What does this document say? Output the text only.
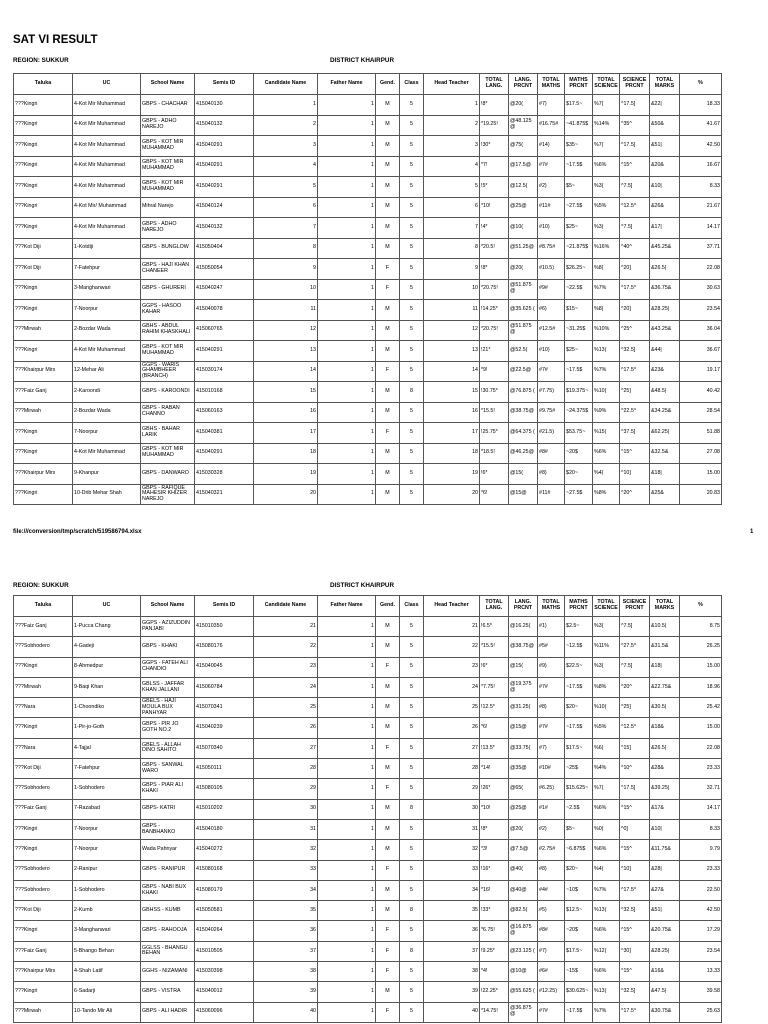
SAT VI RESULT
REGION: SUKKUR	DISTRICT KHAIRPUR
Taluka	UC	School Name	Semis ID	Candidate Name	Father Name	Gend.	Class	Head Teacher	TOTAL LANG.	LANG. PRCNT	TOTAL MATHS	MATHS PRCNT	TOTAL SCIENCE	SCIENCE PRCNT	TOTAL MARKS	%
???Kingri	4-Kot Mir Muhammad	GBPS - CHACHAR	415040130	1	1	M	5	1	!8*	@20(	#7)	$17.5~	%7(	^17.5]	&22|	18.33
???Kingri	4-Kot Mir Muhammad	GBPS - ADHO NAREJO	415040132	2	1	M	5	2	*19.25!	@48.125 @	#16.75#	~41.875$	%14%	^35^	&50&	41.67
???Kingri	4-Kot Mir Muhammad	GBPS - KOT MIR MUHAMMAD	415040291	3	1	M	5	3	!30*	@75(	#14)	$35~	%7(	^17.5]	&51|	42.50
???Kingri	4-Kot Mir Muhammad	GBPS - KOT MIR MUHAMMAD	415040291	4	1	M	5	4	*7!	@17.5@	#7#	~17.5$	%6%	^15^	&20&	16.67
???Kingri	4-Kot Mir Muhammad	GBPS - KOT MIR MUHAMMAD	415040291	5	1	M	5	5	!5*	@12.5(	#2)	$5~	%3(	^7.5]	&10|	8.33
???Kingri	4-Kot Mir/ Muhammad	Mihral Narejo	415040124	6	1	M	5	6	*10!	@25@	#11#	~27.5$	%5%	^12.5^	&26&	21.67
???Kingri	4-Kot Mir Muhammad	GBPS - ADHO NAREJO	415040132	7	1	M	5	7	!4*	@10(	#10)	$25~	%3(	^7.5]	&17|	14.17
???Kot Diji	1-Kotdiji	GBPS - BUNGLOW	415050404	8	1	M	5	8	*20.5!	@51.25@	#8.75#	~21.875$	%16%	^40^	&45.25&	37.71
???Kot Diji	7-Fatehpur	GBPS - HAJI KHAN CHANEER	415050054	9	1	F	5	9	!8*	@20(	#10.5)	$26.25~	%8(	^20]	&26.5|	22.08
???Kingri	3-Manghanwari	GBPS - GHURERI	415040247	10	1	F	5	10	*20.75!	@51.875 @	#9#	~22.5$	%7%	^17.5^	&36.75&	30.63
???Kingri	7-Noorpur	GGPS - HASOO KAHAR	415040078	11	1	M	5	11	!14.25*	@35.625 (	#6)	$15~	%8(	^20]	&28.25|	23.54
???Mirwah	2-Bozdar Wada	GBHS - ABDUL RAHIM KHASKHALI	415060765	12	1	M	5	12	*20.75!	@51.875 @	#12.5#	~31.25$	%10%	^25^	&43.25&	36.04
???Kingri	4-Kot Mir Muhammad	GBPS - KOT MIR MUHAMMAD	415040291	13	1	M	5	13	!21*	@52.5(	#10)	$25~	%13(	^32.5]	&44|	36.67
???Khairpur Mirs	12-Mehar Ali	GGPS - WARIS GHAMBHEER (BRANCH)	415030174	14	1	F	5	14	*9!	@22.5@	#7#	~17.5$	%7%	^17.5^	&23&	19.17
???Faiz Ganj	2-Karoondi	GBPS - KAROONDI	415010168	15	1	M	8	15	!30.75*	@76.875 (	#7.75)	$19.375~	%10(	^25]	&48.5|	40.42
???Mirwah	2-Bozdar Wada	GBPS - RABAN CHANNO	415060163	16	1	M	5	16	*15.5!	@38.75@	#9.75#	~24.375$	%9%	^22.5^	&34.25&	28.54
???Kingri	7-Noorpur	GBHS - BAHAR LARIK	415040381	17	1	F	5	17	!25.75*	@64.375 (	#21.5)	$53.75~	%15(	^37.5]	&62.25|	51.88
???Kingri	4-Kot Mir Muhammad	GBPS - KOT MIR MUHAMMAD	415040291	18	1	M	5	18	*18.5!	@46.25@	#8#	~20$	%6%	^15^	&32.5&	27.08
???Khairpur Mirs	9-Khanpur	GBPS - DANWARO	415030328	19	1	M	5	19	!6*	@15(	#8)	$20~	%4(	^10]	&18|	15.00
???Kingri	10-Drib Mehar Shah	GBPS - RAFIQUE MAHESIR KHIZER NAREJO	415040321	20	1	M	5	20	*6!	@15@	#11#	~27.5$	%8%	^20^	&25&	20.83
file:///conversion/tmp/scratch/519586794.xlsx	1
REGION: SUKKUR	DISTRICT KHAIRPUR
Taluka	UC	School Name	Semis ID	Candidate Name	Father Name	Gend.	Class	Head Teacher	TOTAL LANG.	LANG. PRCNT	TOTAL MATHS	MATHS PRCNT	TOTAL SCIENCE	SCIENCE PRCNT	TOTAL MARKS	%
???Faiz Ganj	1-Pucca Chang	GGPS - AZIZUDDIN PANJABI	415010350	21	1	M	5	21	!6.5*	@16.25(	#1)	$2.5~	%3(	^7.5]	&10.5|	8.75
???Sobhodero	4-Gadeji	GBPS - KHAKI	415080176	22	1	M	5	22	*15.5!	@38.75@	#5#	~12.5$	%11%	^27.5^	&31.5&	26.25
???Kingri	8-Ahmedpur	GGPS - FATEH ALI CHANDIO	415040045	23	1	F	5	23	!6*	@15(	#9)	$22.5~	%3(	^7.5]	&18|	15.00
???Mirwah	9-Baqi Khan	GBLSS - JAFFAR KHAN JALLANI	415060784	24	1	M	5	24	*7.75!	@19.375 @	#7#	~17.5$	%8%	^20^	&22.75&	18.96
???Nara	1-Choondiko	GBELS - HAJI MOULA BUX PANHYAR	415070341	25	1	M	5	25	!12.5*	@31.25(	#8)	$20~	%10(	^25]	&30.5|	25.42
???Kingri	1-Pir-jo-Goth	GBPS - PIR JO GOTH NO.2	415040239	26	1	M	5	26	*6!	@15@	#7#	~17.5$	%5%	^12.5^	&18&	15.00
???Nara	4-Tajjal	GBELS - ALLAH DINO SAHITO	415070340	27	1	F	5	27	!13.5*	@33.75(	#7)	$17.5~	%6(	^15]	&26.5|	22.08
???Kot Diji	7-Fatehpur	GBPS - SANWAL WARO	415050111	28	1	M	5	28	*14!	@35@	#10#	~25$	%4%	^10^	&28&	23.33
???Sobhodero	1-Sobhodero	GBPS - PIAR ALI KHAKI	415080105	29	1	F	5	29	!26*	@65(	#6.25)	$15.625~	%7(	^17.5]	&39.25|	32.71
???Faiz Ganj	7-Razabad	GBPS- KATRI	415010202	30	1	M	8	30	*10!	@25@	#1#	~2.5$	%6%	^15^	&17&	14.17
???Kingri	7-Noorpur	GBPS - BANBHANKO	415040180	31	1	M	5	31	!8*	@20(	#2)	$5~	%0(	^0]	&10|	8.33
???Kingri	7-Noorpur	Wada Pahnyar	415040272	32	1	M	5	32	*3!	@7.5@	#2.75#	~6.875$	%6%	^15^	&11.75&	9.79
???Sobhodero	2-Ranipur	GBPS - RANIPUR	415080168	33	1	F	5	33	!16*	@40(	#8)	$20~	%4(	^10]	&28|	23.33
???Sobhodero	1-Sobhodero	GBPS - NABI BUX KHAKI	415080179	34	1	M	5	34	*16!	@40@	#4#	~10$	%7%	^17.5^	&27&	22.50
???Kot Diji	2-Kumb	GBHSS - KUMB	415050581	35	1	M	8	35	!33*	@82.5(	#5)	$12.5~	%13(	^32.5]	&51|	42.50
???Kingri	3-Manghanwari	GBPS - RAHOOJA	415040264	36	1	F	5	36	*6.75!	@16.875 @	#8#	~20$	%6%	^15^	&20.75&	17.29
???Faiz Ganj	5-Bhango Behan	GGLSS - BHANGU BEHAN	415010505	37	1	F	8	37	!9.25*	@23.125 (	#7)	$17.5~	%12(	^30]	&28.25|	23.54
???Khairpur Mirs	4-Shah Latif	GGHS - NIZAMANI	415030398	38	1	F	5	38	*4!	@10@	#6#	~15$	%6%	^15^	&16&	13.33
???Kingri	6-Sadarji	GBPS - VISTRA	415040012	39	1	M	5	39	!22.25*	@55.625 (	#12.25)	$30.625~	%13(	^32.5]	&47.5|	39.58
???Mirwah	10-Tando Mir Ali	GBPS - ALI HADIR	415060096	40	1	F	5	40	*14.75!	@36.875 @	#7#	~17.5$	%7%	^17.5^	&30.75&	25.63
